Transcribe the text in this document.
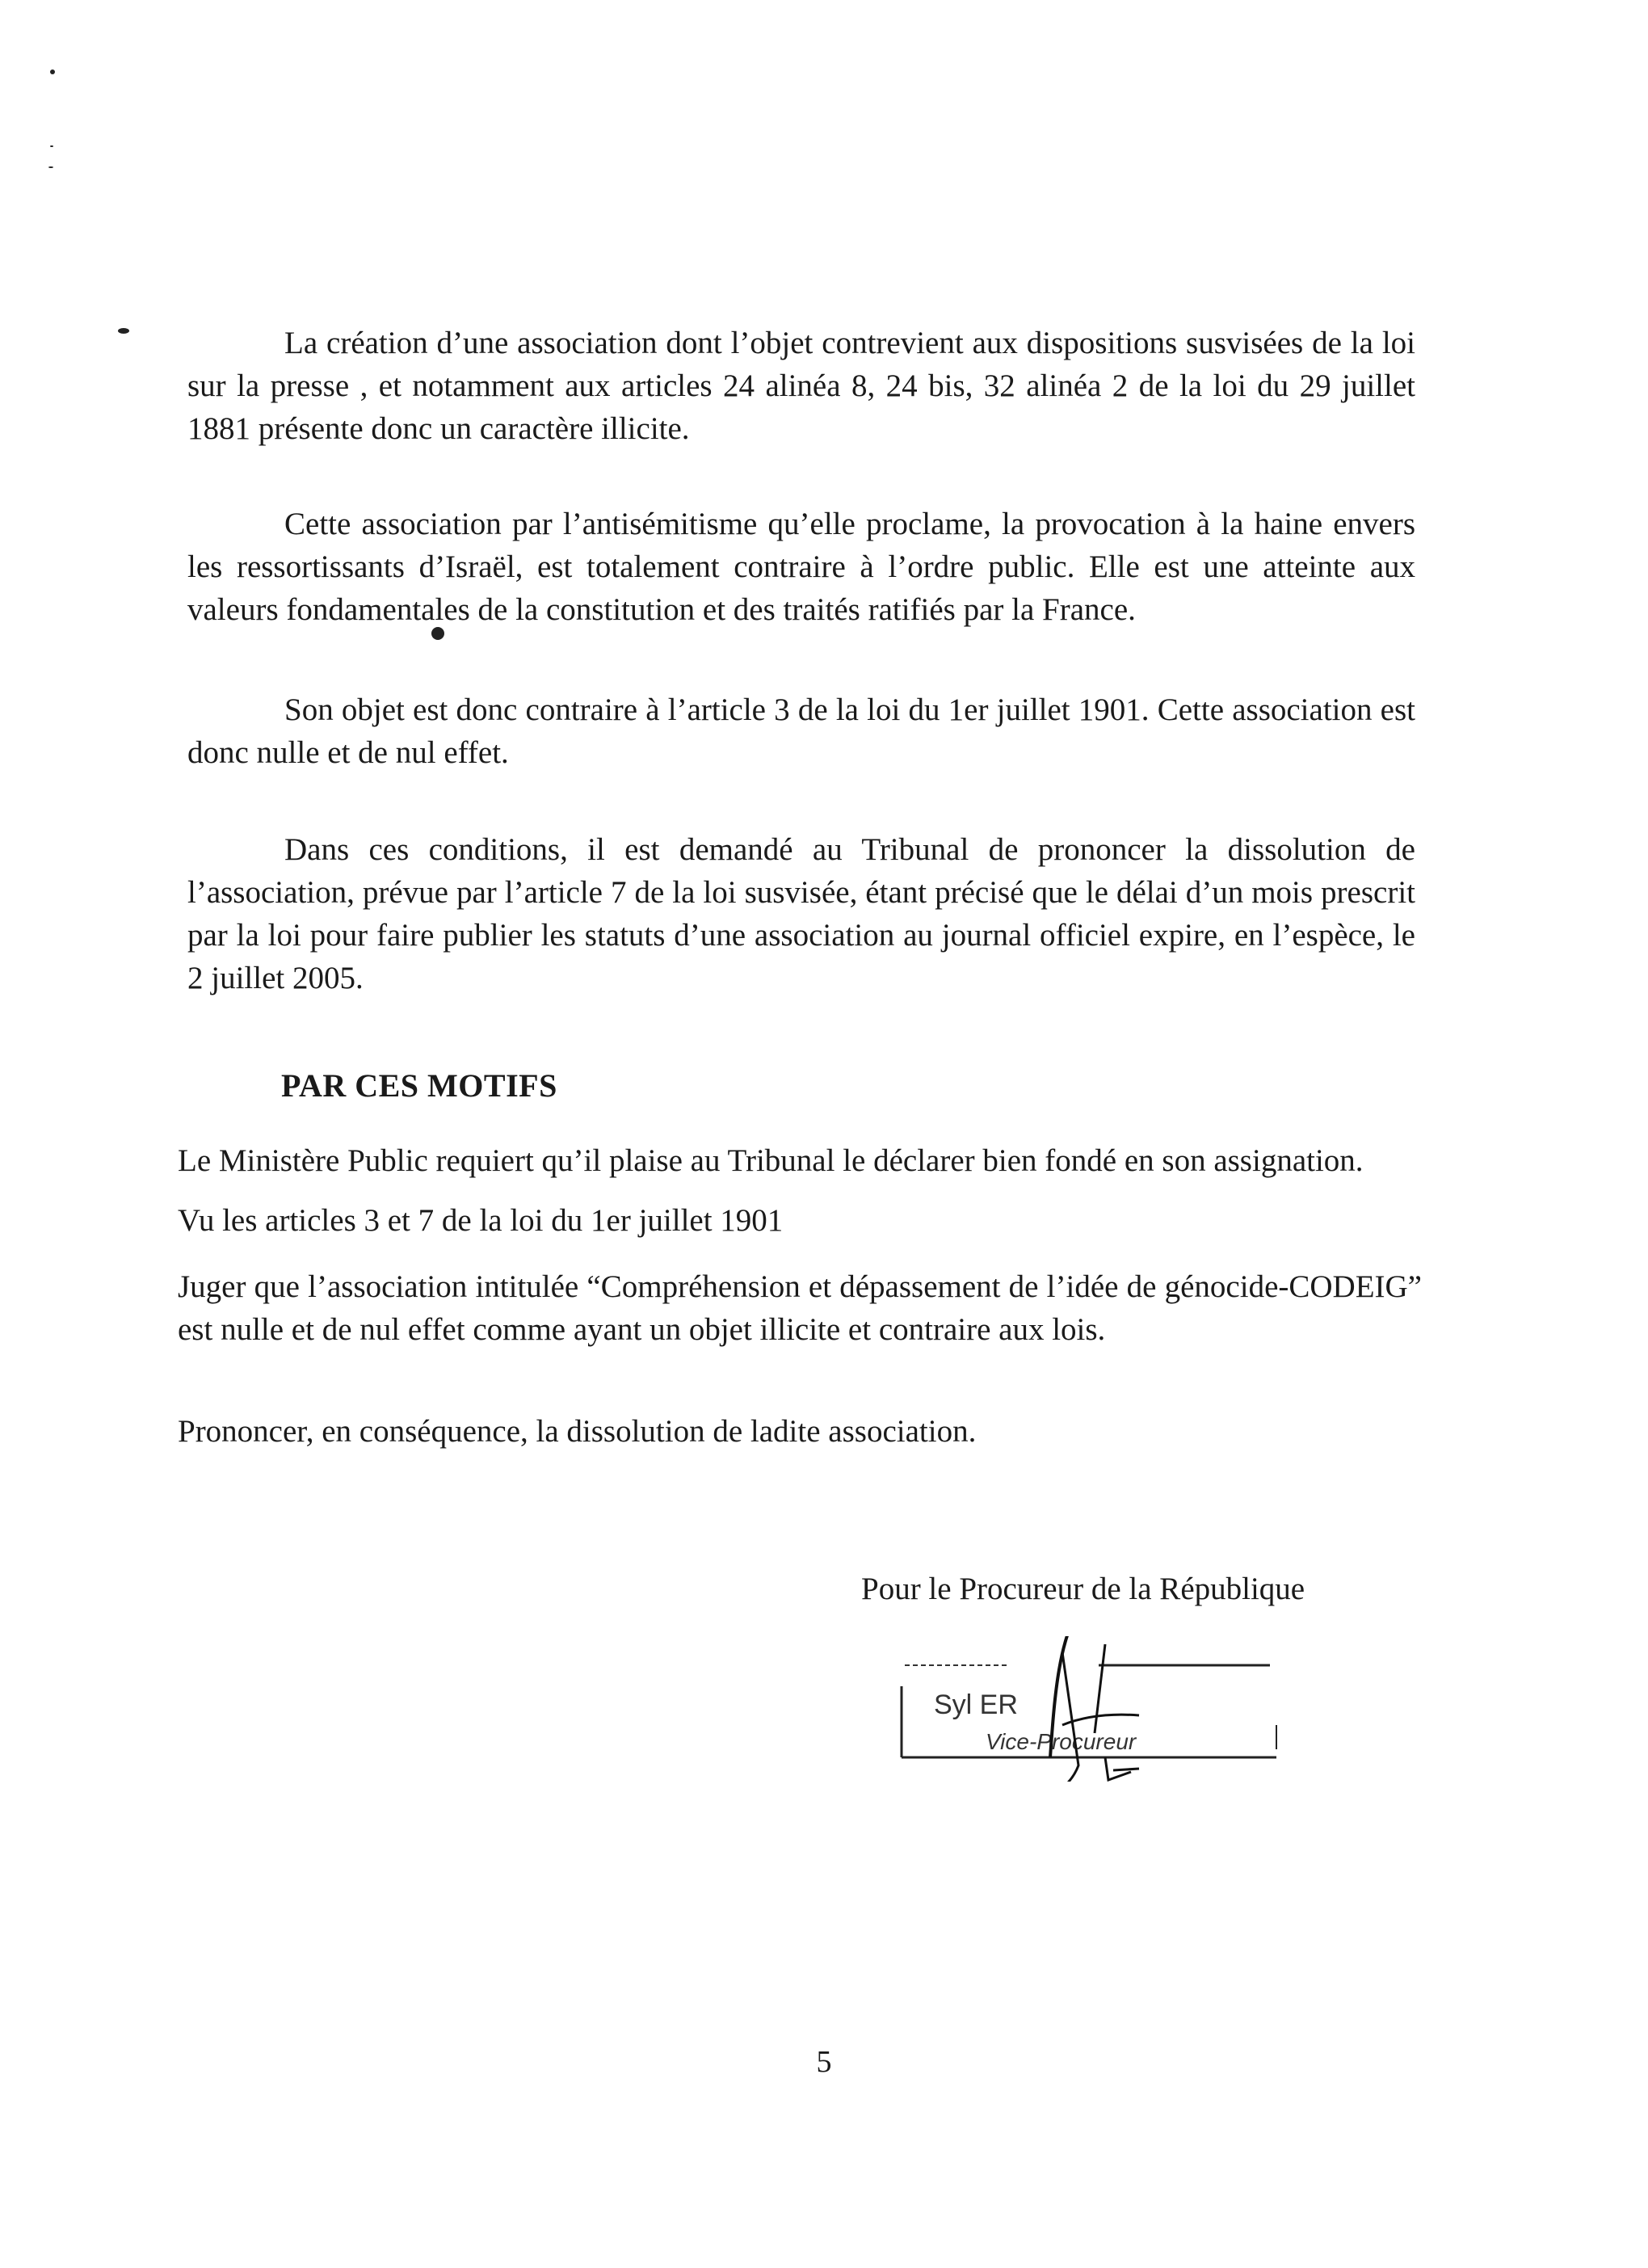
La création d’une association dont l’objet contrevient aux dispositions susvisées de la loi sur la presse , et notamment aux articles 24 alinéa 8, 24 bis, 32 alinéa 2 de la loi du 29 juillet 1881 présente donc un caractère illicite.

Cette association par l’antisémitisme qu’elle proclame, la provocation à la haine envers les ressortissants d’Israël, est totalement contraire à l’ordre public. Elle est une atteinte aux valeurs fondamentales de la constitution et des traités ratifiés par la France.

Son objet est donc contraire à l’article 3 de la loi du 1er juillet 1901. Cette association est donc nulle et de nul effet.

Dans ces conditions, il est demandé au Tribunal de prononcer la dissolution de l’association, prévue par l’article 7 de la loi susvisée, étant précisé que le délai d’un mois prescrit par la loi pour faire publier les statuts d’une association au journal officiel expire, en l’espèce, le 2 juillet 2005.

PAR CES MOTIFS

Le Ministère Public requiert qu’il plaise au Tribunal le déclarer bien fondé en son assignation.

Vu les articles 3 et 7 de la loi du 1er juillet 1901

Juger que l’association intitulée “Compréhension et dépassement de l’idée de génocide-CODEIG” est nulle et de nul effet comme ayant un objet illicite et contraire aux lois.

Prononcer, en conséquence, la dissolution de ladite association.

Pour le Procureur de la République

Syl ER
Vice-Procureur

5
